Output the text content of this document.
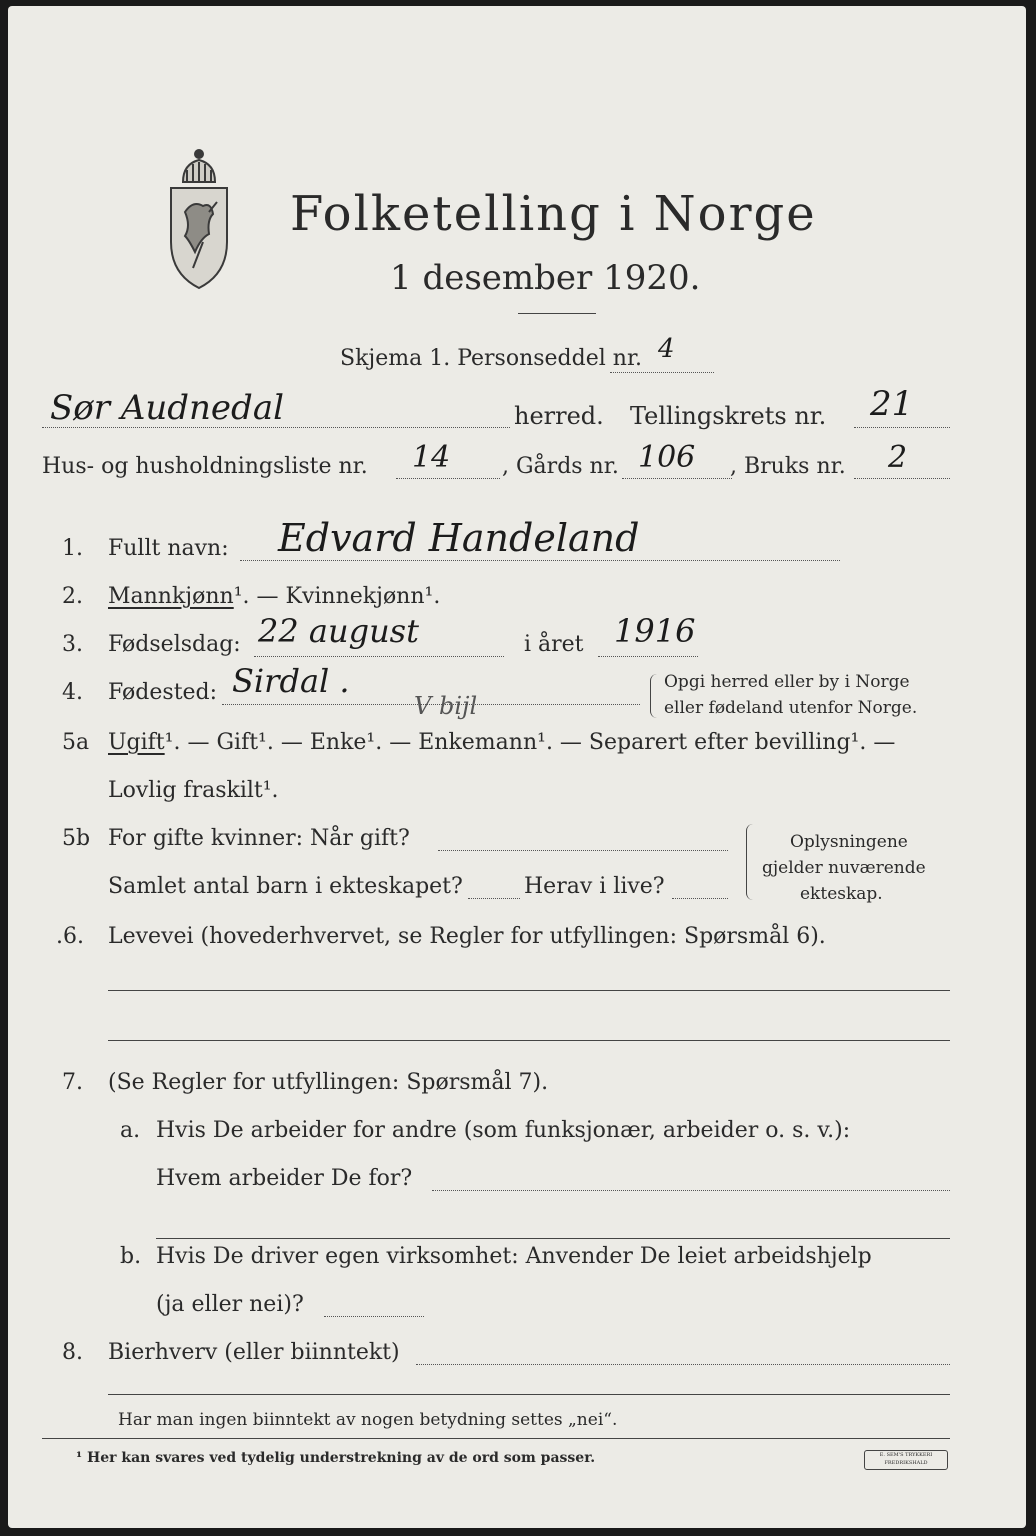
Folketelling i Norge
1 desember 1920.
Skjema 1. Personseddel nr. 4
Sør Audnedal	herred. Tellingskrets nr. 21
Hus- og husholdningsliste nr. 14 , Gårds nr. 106 , Bruks nr. 2
1. Fullt navn: Edvard Handeland
2. Mannkjønn¹. — Kvinnekjønn¹.
3. Fødselsdag: 22 august	i året 1916
4. Fødested: Sirdal .
V bijl
Opgi herred eller by i Norge
eller fødeland utenfor Norge.
5a Ugift¹. — Gift¹. — Enke¹. — Enkemann¹. — Separert efter bevilling¹. —
Lovlig fraskilt¹.
5b For gifte kvinner: Når gift?
Samlet antal barn i ekteskapet?	Herav i live?
Oplysningene
gjelder nuværende
ekteskap.
.6. Levevei (hovederhvervet, se Regler for utfyllingen: Spørsmål 6).
7. (Se Regler for utfyllingen: Spørsmål 7).
a. Hvis De arbeider for andre (som funksjonær, arbeider o. s. v.):
Hvem arbeider De for?
b. Hvis De driver egen virksomhet: Anvender De leiet arbeidshjelp
(ja eller nei)?
8. Bierhverv (eller biinntekt)
Har man ingen biinntekt av nogen betydning settes „nei“.
¹ Her kan svares ved tydelig understrekning av de ord som passer.	E. SEM'S TRYKKERI FREDRIKSHALD
